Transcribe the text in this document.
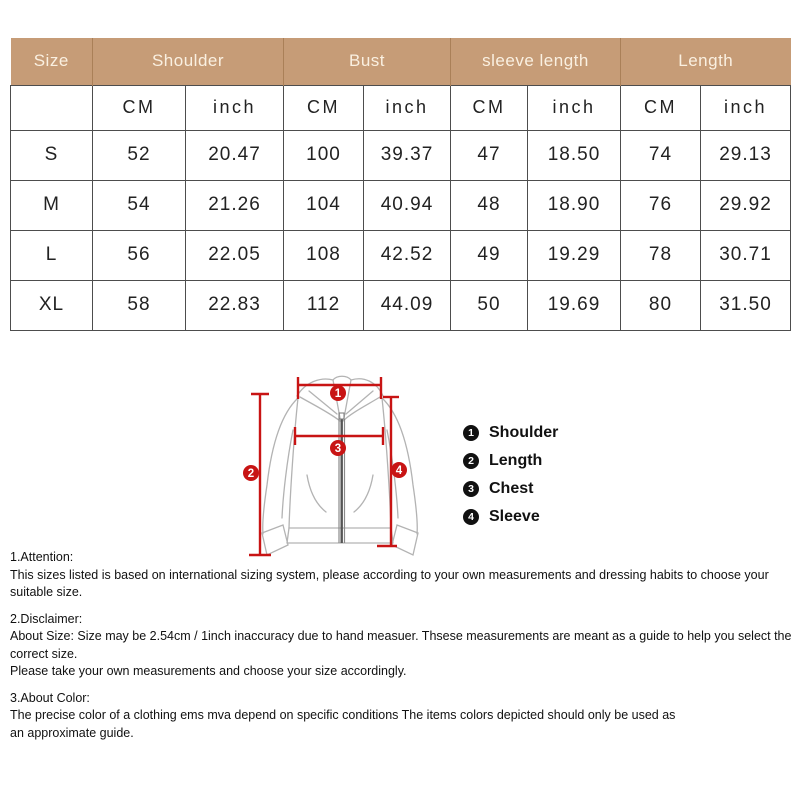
Size	Shoulder		Bust		sleeve length		Length	
	CM	inch	CM	inch	CM	inch	CM	inch
S	52	20.47	100	39.37	47	18.50	74	29.13
M	54	21.26	104	40.94	48	18.90	76	29.92
L	56	22.05	108	42.52	49	19.29	78	30.71
XL	58	22.83	112	44.09	50	19.69	80	31.50
1
2
3
4
1 Shoulder
2 Length
3 Chest
4 Sleeve
1.Attention:
This sizes listed is based on international sizing system, please according to your own measurements and dressing habits to choose your suitable size.
2.Disclaimer:
About Size: Size may be 2.54cm / 1inch inaccuracy due to hand measuer. Thsese measurements are meant as a guide to help you select the correct size.
Please take your own measurements and choose your size accordingly.
3.About Color:
The precise color of a clothing ems mva depend on specific conditions The items colors depicted should only be used as
an approximate guide.
